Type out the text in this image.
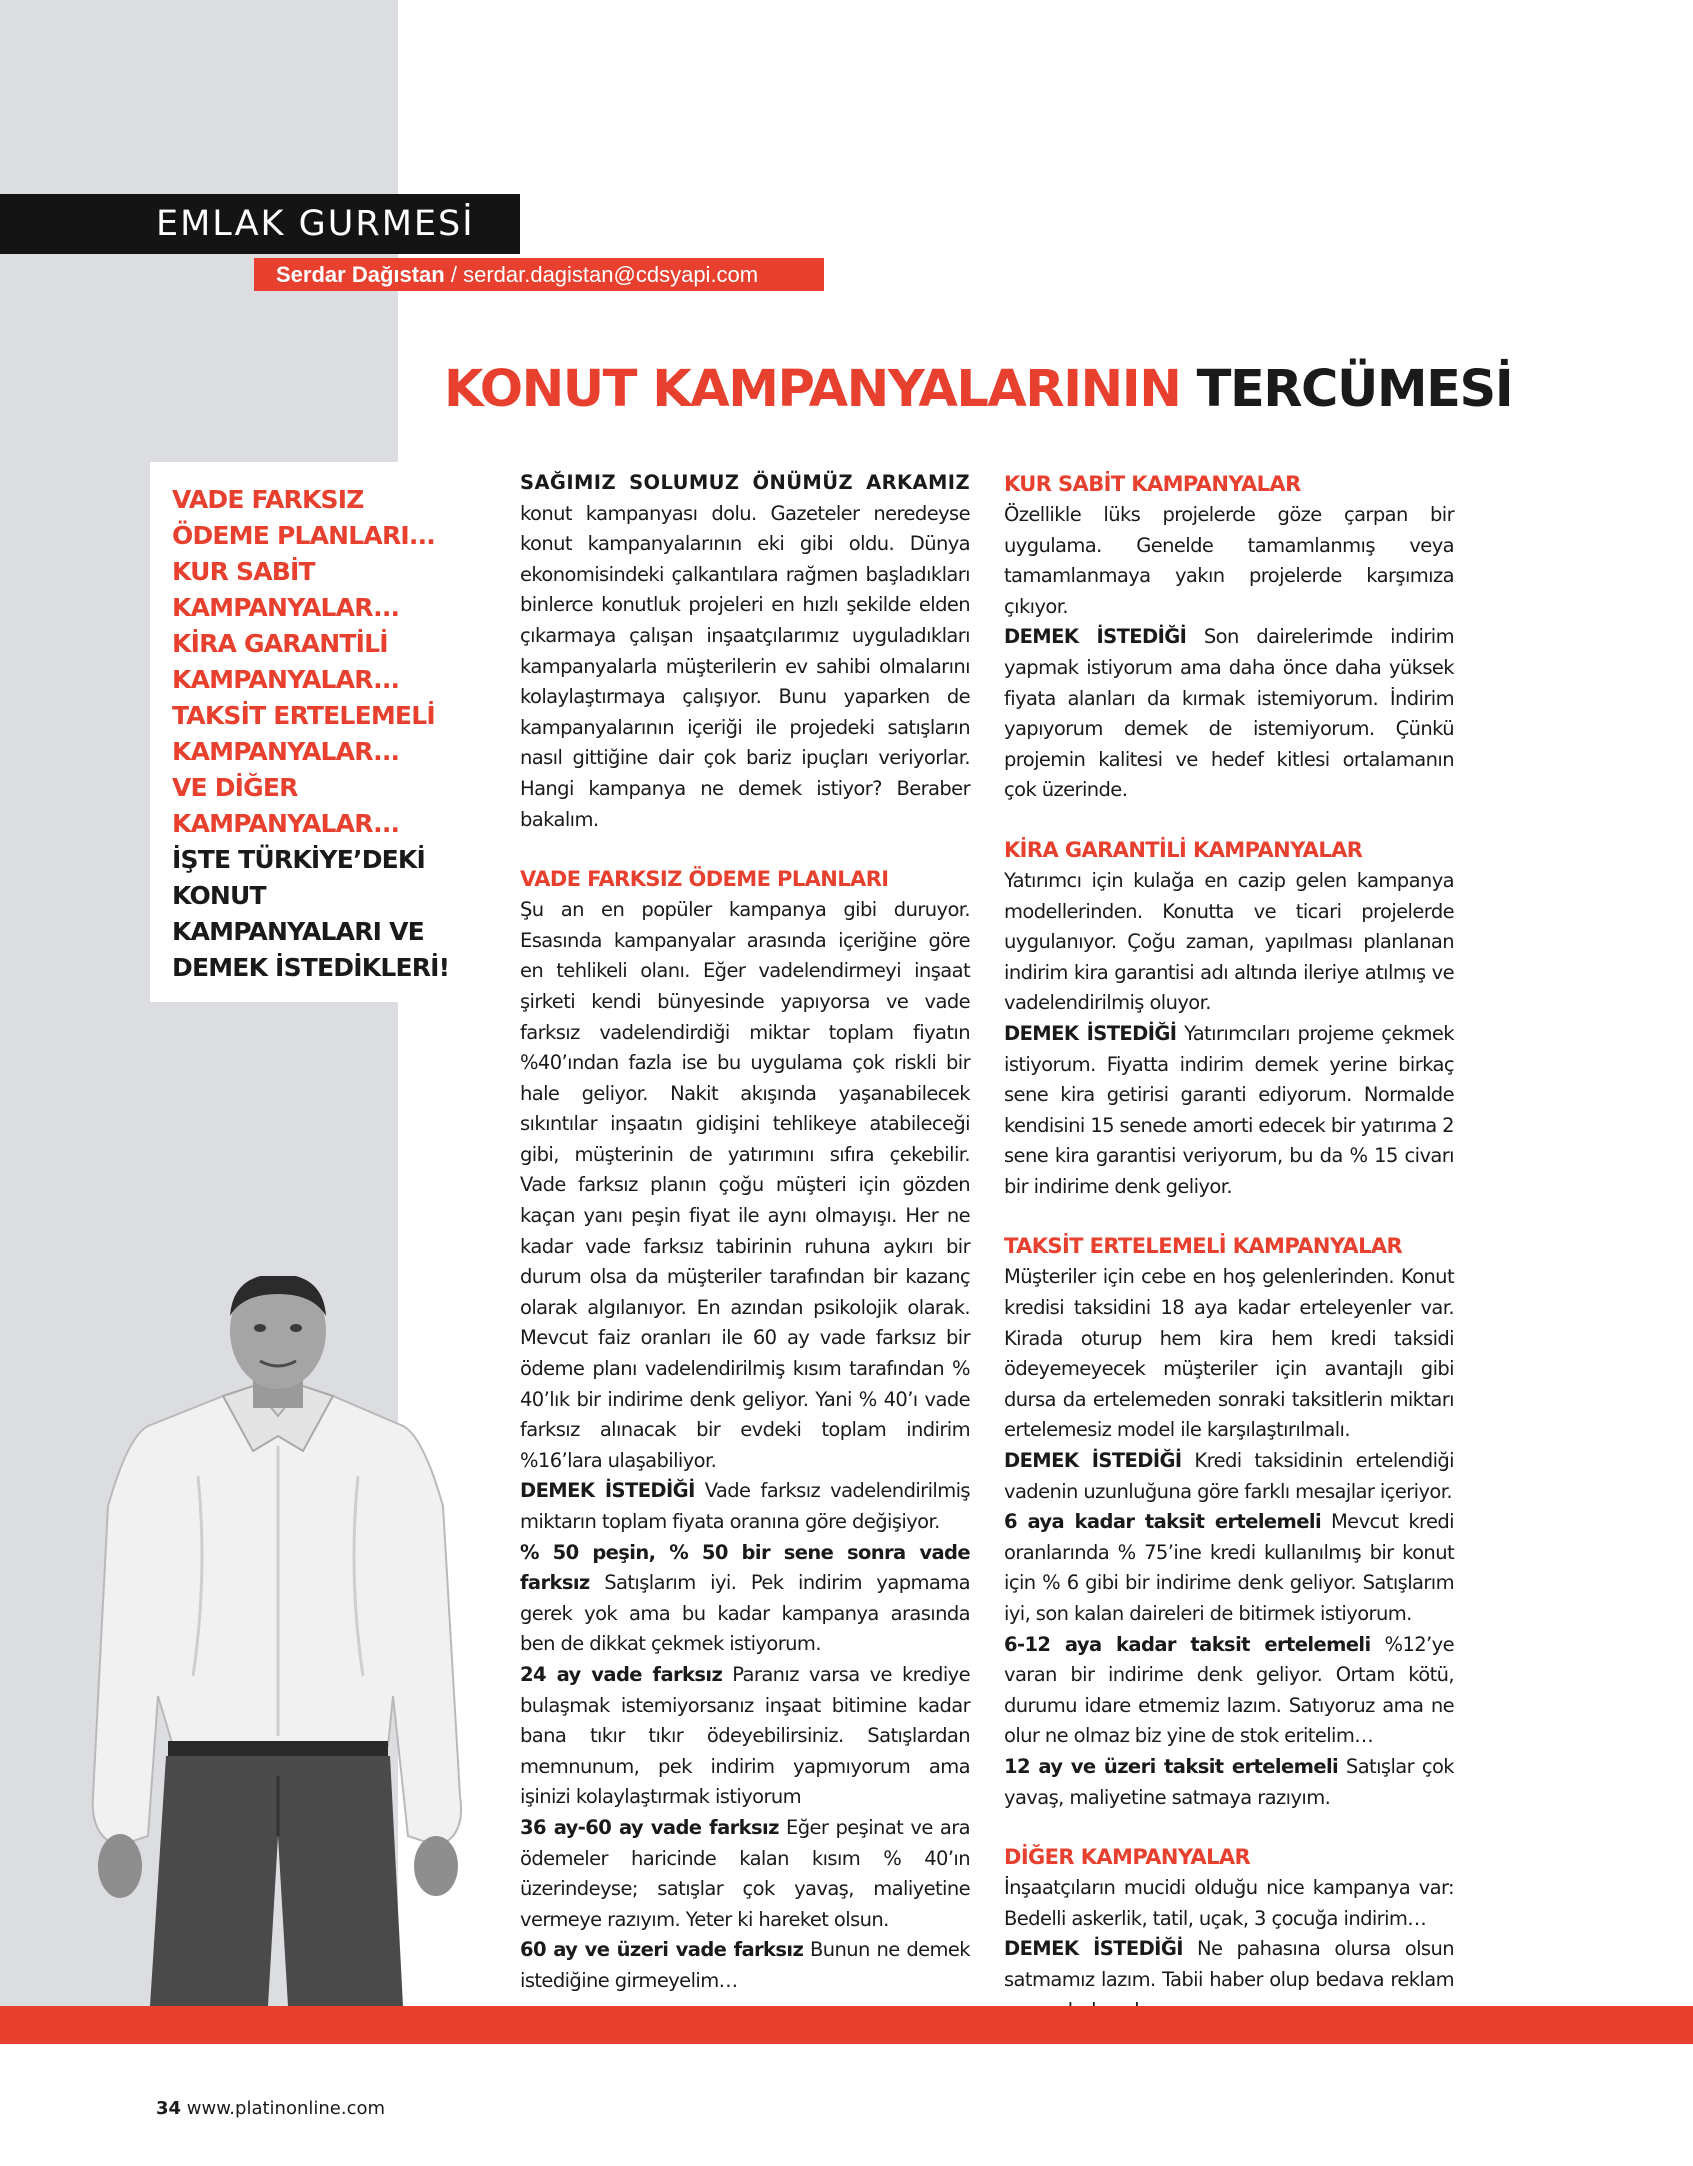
EMLAK GURMESİ
Serdar Dağıstan / serdar.dagistan@cdsyapi.com
KONUT KAMPANYALARININ TERCÜMESİ
VADE FARKSIZ
ÖDEME PLANLARI...
KUR SABİT
KAMPANYALAR...
KİRA GARANTİLİ
KAMPANYALAR...
TAKSİT ERTELEMELİ
KAMPANYALAR...
VE DİĞER
KAMPANYALAR...
İŞTE TÜRKİYE’DEKİ
KONUT
KAMPANYALARI VE
DEMEK İSTEDİKLERİ!

SAĞIMIZ SOLUMUZ ÖNÜMÜZ ARKAMIZ konut kampanyası dolu. Gazeteler neredeyse konut kampanyalarının eki gibi oldu. Dünya ekonomisindeki çalkantılara rağmen başladıkları binlerce konutluk projeleri en hızlı şekilde elden çıkarmaya çalışan inşaatçılarımız uyguladıkları kampanyalarla müşterilerin ev sahibi olmalarını kolaylaştırmaya çalışıyor. Bunu yaparken de kampanyalarının içeriği ile projedeki satışların nasıl gittiğine dair çok bariz ipuçları veriyorlar. Hangi kampanya ne demek istiyor? Beraber bakalım.

VADE FARKSIZ ÖDEME PLANLARI

Şu an en popüler kampanya gibi duruyor. Esasında kampanyalar arasında içeriğine göre en tehlikeli olanı. Eğer vadelendirmeyi inşaat şirketi kendi bünyesinde yapıyorsa ve vade farksız vadelendirdiği miktar toplam fiyatın %40’ından fazla ise bu uygulama çok riskli bir hale geliyor. Nakit akışında yaşanabilecek sıkıntılar inşaatın gidişini tehlikeye atabileceği gibi, müşterinin de yatırımını sıfıra çekebilir. Vade farksız planın çoğu müşteri için gözden kaçan yanı peşin fiyat ile aynı olmayışı. Her ne kadar vade farksız tabirinin ruhuna aykırı bir durum olsa da müşteriler tarafından bir kazanç olarak algılanıyor. En azından psikolojik olarak. Mevcut faiz oranları ile 60 ay vade farksız bir ödeme planı vadelendirilmiş kısım tarafından % 40’lık bir indirime denk geliyor. Yani % 40’ı vade farksız alınacak bir evdeki toplam indirim %16’lara ulaşabiliyor.

DEMEK İSTEDİĞİ Vade farksız vadelendirilmiş miktarın toplam fiyata oranına göre değişiyor.

% 50 peşin, % 50 bir sene sonra vade farksız Satışlarım iyi. Pek indirim yapmama gerek yok ama bu kadar kampanya arasında ben de dikkat çekmek istiyorum.

24 ay vade farksız Paranız varsa ve krediye bulaşmak istemiyorsanız inşaat bitimine kadar bana tıkır tıkır ödeyebilirsiniz. Satışlardan memnunum, pek indirim yapmıyorum ama işinizi kolaylaştırmak istiyorum

36 ay-60 ay vade farksız Eğer peşinat ve ara ödemeler haricinde kalan kısım % 40’ın üzerindeyse; satışlar çok yavaş, maliyetine vermeye razıyım. Yeter ki hareket olsun.

60 ay ve üzeri vade farksız Bunun ne demek istediğine girmeyelim…

KUR SABİT KAMPANYALAR

Özellikle lüks projelerde göze çarpan bir uygulama. Genelde tamamlanmış veya tamamlanmaya yakın projelerde karşımıza çıkıyor.

DEMEK İSTEDİĞİ Son dairelerimde indirim yapmak istiyorum ama daha önce daha yüksek fiyata alanları da kırmak istemiyorum. İndirim yapıyorum demek de istemiyorum. Çünkü projemin kalitesi ve hedef kitlesi ortalamanın çok üzerinde.

KİRA GARANTİLİ KAMPANYALAR

Yatırımcı için kulağa en cazip gelen kampanya modellerinden. Konutta ve ticari projelerde uygulanıyor. Çoğu zaman, yapılması planlanan indirim kira garantisi adı altında ileriye atılmış ve vadelendirilmiş oluyor.

DEMEK İSTEDİĞİ Yatırımcıları projeme çekmek istiyorum. Fiyatta indirim demek yerine birkaç sene kira getirisi garanti ediyorum. Normalde kendisini 15 senede amorti edecek bir yatırıma 2 sene kira garantisi veriyorum, bu da % 15 civarı bir indirime denk geliyor.

TAKSİT ERTELEMELİ KAMPANYALAR

Müşteriler için cebe en hoş gelenlerinden. Konut kredisi taksidini 18 aya kadar erteleyenler var. Kirada oturup hem kira hem kredi taksidi ödeyemeyecek müşteriler için avantajlı gibi dursa da ertelemeden sonraki taksitlerin miktarı ertelemesiz model ile karşılaştırılmalı.

DEMEK İSTEDİĞİ Kredi taksidinin ertelendiği vadenin uzunluğuna göre farklı mesajlar içeriyor.

6 aya kadar taksit ertelemeli Mevcut kredi oranlarında % 75’ine kredi kullanılmış bir konut için % 6 gibi bir indirime denk geliyor. Satışlarım iyi, son kalan daireleri de bitirmek istiyorum.

6-12 aya kadar taksit ertelemeli %12’ye varan bir indirime denk geliyor. Ortam kötü, durumu idare etmemiz lazım. Satıyoruz ama ne olur ne olmaz biz yine de stok eritelim…

12 ay ve üzeri taksit ertelemeli Satışlar çok yavaş, maliyetine satmaya razıyım.

DİĞER KAMPANYALAR

İnşaatçıların mucidi olduğu nice kampanya var: Bedelli askerlik, tatil, uçak, 3 çocuğa indirim…

DEMEK İSTEDİĞİ Ne pahasına olursa olsun satmamız lazım. Tabii haber olup bedava reklam

34 www.platinonline.com
